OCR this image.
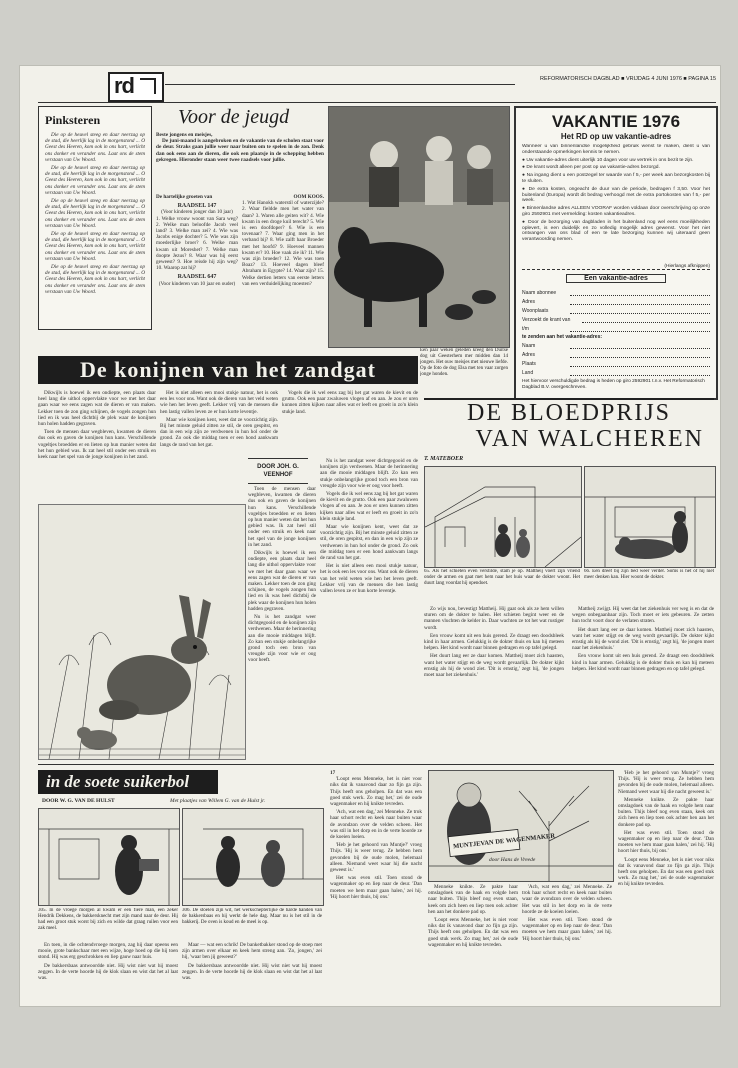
rd	REFORMATORISCH DAGBLAD ■ VRIJDAG 4 JUNI 1976 ■ PAGINA 15
Pinksteren

Die op de heuvel steeg en daar neerzag op de stad, die heerlijk lag in de morgenstond ... O Geest des Heeren, kom ook in ons hart, verlicht ons donker en verander ons. Laat ons de stem verstaan van Uw Woord.

Die op de heuvel steeg en daar neerzag op de stad, die heerlijk lag in de morgenstond ... O Geest des Heeren, kom ook in ons hart, verlicht ons donker en verander ons. Laat ons de stem verstaan van Uw Woord.

Die op de heuvel steeg en daar neerzag op de stad, die heerlijk lag in de morgenstond ... O Geest des Heeren, kom ook in ons hart, verlicht ons donker en verander ons. Laat ons de stem verstaan van Uw Woord.

Die op de heuvel steeg en daar neerzag op de stad, die heerlijk lag in de morgenstond ... O Geest des Heeren, kom ook in ons hart, verlicht ons donker en verander ons. Laat ons de stem verstaan van Uw Woord.

Die op de heuvel steeg en daar neerzag op de stad, die heerlijk lag in de morgenstond ... O Geest des Heeren, kom ook in ons hart, verlicht ons donker en verander ons. Laat ons de stem verstaan van Uw Woord.

Voor de jeugd
Beste jongens en meisjes,

De juni-maand is aangebroken en de vakantie van de scholen staat voor de deur. Straks gaan jullie weer naar buiten om te spelen in de zon. Denk dan ook eens aan de dieren, die ook een plaatsje in de schepping hebben gekregen. Hieronder staan weer twee raadsels voor jullie.

De hartelijke groeten van
RAADSEL 147
(Voor kinderen jonger dan 10 jaar)

1. Welke vrouw woont van Sara weg? 2. Welke man beloofde Jacob veel land? 3. Welke man zei? 4. Wie was Jacobs enige dochter? 5. Wie was zijn moederlijke broer? 6. Welke man kwam uit Moreshet? 7. Welke man doopte Jezus? 8. Waar was hij eerst geweest? 9. Hoe reisde hij zijn weg? 10. Waarop zat hij?

RAADSEL 647
(Voor kinderen van 10 jaar en ouder)
OOM KOOS.

1. Wat Hanokh waterstil of waterzijde? 2. Waar fieldde men het water van daan? 3. Waren alle geiten wit? 4. Wie kwam in een droge kuil terecht? 5. Wie is een doofdoper? 6. Wie is een tovenaar? 7. Waar ging men in het verband bij? 8. Wie zalft haar Broeder met het hoofd? 9. Hoeveel mannen kwam er? 10. Hoe vaak zie ik? 11. Wie was zijn broeder? 12. Wie was toen Boaz? 13. Hoeveel dagen bleef Abraham in Egypte? 14. Waar zijn? 15. Welke dertien letters van eerste letters van een verduidelijking moesten?

Een paar weken geleden kreeg den Duitse dog uit Geesterhem mer midden dan 14 jongen. Het ouw meisjes met nieuwe liefde. Op de foto de dog Elsa met ten vaar zorgen jonge honden.
VAKANTIE 1976
Het RD op uw vakantie-adres

Wanneer u van binnenlandse mogelijkheid gebruik wenst te maken, dient u van onderstaande opmerkingen kennis te nemen.

● Uw vakantie-adres dient uiterlijk 10 dagen voor uw vertrek in ons bezit te zijn.

● De krant wordt alleen per post op uw vakantie-adres bezorgd.

● Na ingang dient u een postzegel ter waarde van f 5,- per week aan bezorgkosten bij te sluiten.

● De extra kosten, ongeacht de duur van de periode, bedragen f 3,50. Voor het buitenland (Europa) wordt dit bedrag verhoogd met de extra portokosten van f 5,- per week.

● Binnenlandse adres ALLEEN VOORAF worden voldaan door overschrijving op onze giro 2592901 met vermelding: kosten vakantieadres.

● Door de bezorging van dagbladen in het buitenland nog wel eens moeilijkheden oplevert, is een duidelijk en zo volledig mogelijk adres gewenst. Voor het niet ontvangen van ons blad of een te late bezorging kunnen wij uiteraard geen verantwoording nemen.

(Hierlangs afknippen)
Een vakantie-adres
Naam abonnee
Adres
Woonplaats
Verzoekt de krant van
t/m
te zenden aan het vakantie-adres:
Naam
Adres
Plaats
Land
Het hiervoor verschuldigde bedrag is heden op giro 2592901 t.n.v. Het Reformatorisch Dagblad B.V. overgeschreven.
De konijnen van het zandgat

Dikwijls is hoewel ik een ondiepte, een plaats daar heel lang die uithol oppervlakte voor we met het daar gaan waar we eens zagen wat de dieren er van maken. Lekker toen de zon ging schijnen, de vogels zongen hun lied en ik was heel dichtbij de plek waar de konijnen hun holen hadden gegraven.

Toen de mensen daar wegbleven, kwamen de dieren dus ook en gaven de konijnen hun kans. Verschillende vogeltjes broedden er en lieten op hun manier weten dat het hun gebied was. Ik zat heel stil onder een struik en keek naar het spel van de jonge konijnen in het zand.

Het is niet alleen een mooi stukje natuur, het is ook een les voor ons. Want ook de dieren van het veld weten wie hen het leven geeft. Lekker vrij van de mensen die hen lastig vallen leven ze er hun korte leventje.

Maar wie konijnen kent, weet dat ze voorzichtig zijn. Bij het minste geluid zitten ze stil, de oren gespitst, en dan in een wip zijn ze verdwenen in hun hol onder de grond. Zo ook die middag toen er een hond aankwam langs de rand van het gat.

Vogels die ik wel eens zag bij het gat waren de kievit en de grutto. Ook een paar zwaluwen vlogen af en aan. Je zou er uren kunnen zitten kijken naar alles wat er leeft en groeit in zo'n klein stukje land.

DOOR JOH. G. VEENHOF

Nu is het zandgat weer dichtgegooid en de konijnen zijn verdwenen. Maar de herinnering aan die mooie middagen blijft. Zo kan een stukje onbelangrijke grond toch een bron van vreugde zijn voor wie er oog voor heeft.

Vogels die ik wel eens zag bij het gat waren de kievit en de grutto. Ook een paar zwaluwen vlogen af en aan. Je zou er uren kunnen zitten kijken naar alles wat er leeft en groeit in zo'n klein stukje land.

Maar wie konijnen kent, weet dat ze voorzichtig zijn. Bij het minste geluid zitten ze stil, de oren gespitst, en dan in een wip zijn ze verdwenen in hun hol onder de grond. Zo ook die middag toen er een hond aankwam langs de rand van het gat.

Het is niet alleen een mooi stukje natuur, het is ook een les voor ons. Want ook de dieren van het veld weten wie hen het leven geeft. Lekker vrij van de mensen die hen lastig vallen leven ze er hun korte leventje.

Toen de mensen daar wegbleven, kwamen de dieren dus ook en gaven de konijnen hun kans. Verschillende vogeltjes broedden er en lieten op hun manier weten dat het hun gebied was. Ik zat heel stil onder een struik en keek naar het spel van de jonge konijnen in het zand.

Dikwijls is hoewel ik een ondiepte, een plaats daar heel lang die uithol oppervlakte voor we met het daar gaan waar we eens zagen wat de dieren er van maken. Lekker toen de zon ging schijnen, de vogels zongen hun lied en ik was heel dichtbij de plek waar de konijnen hun holen hadden gegraven.

Nu is het zandgat weer dichtgegooid en de konijnen zijn verdwenen. Maar de herinnering aan die mooie middagen blijft. Zo kan een stukje onbelangrijke grond toch een bron van vreugde zijn voor wie er oog voor heeft.

DE BLOEDPRIJS
VAN WALCHEREN
T. MATEBOER
65. Als het schieten even verstilde, stam je op. Mattheij voert zijn vriend onder de armen en gaat met hem naar het huis waar de dokter woont. Het duurt lang voordat hij opendoet.
66. Een dreef bij zijn bed weer verder. Soms is het of hij niet meer denken kan. Hier woont de dokter.

Zo wijs nou, bevestigt Mattheij. Hij gaat ook als ze hem willen sturen om de dokter te halen. Het schieten begint weer en de mannen vluchten de kelder in. Daar wachten ze tot het wat rustiger wordt.

Een vrouw komt uit een huis gerend. Ze draagt een doodsbleek kind in haar armen. Gelukkig is de dokter thuis en kan hij meteen helpen. Het kind wordt naar binnen gedragen en op tafel gelegd.

Het duurt lang eer ze daar komen. Mattheij moet zich haasten, want het water stijgt en de weg wordt gevaarlijk. De dokter kijkt ernstig als hij de wond ziet. 'Dit is ernstig,' zegt hij, 'de jongen moet naar het ziekenhuis.'

Mattheij zwijgt. Hij weet dat het ziekenhuis ver weg is en dat de wegen onbegaanbaar zijn. Toch moet er iets gebeuren. Ze zetten hun tocht voort door de verlaten straten.

Het duurt lang eer ze daar komen. Mattheij moet zich haasten, want het water stijgt en de weg wordt gevaarlijk. De dokter kijkt ernstig als hij de wond ziet. 'Dit is ernstig,' zegt hij, 'de jongen moet naar het ziekenhuis.'

Een vrouw komt uit een huis gerend. Ze draagt een doodsbleek kind in haar armen. Gelukkig is de dokter thuis en kan hij meteen helpen. Het kind wordt naar binnen gedragen en op tafel gelegd.

in de soete suikerbol
DOOR W. G. VAN DE HULST	Met plaatjes van Willem G. van de Hulst jr.
305. In de vroege morgen al kwam er een fiere man, een zeker Hendrik Dekkens, de bakkersknecht met zijn mand naar de deur. Hij had een groot stuk worst bij zich en wilde dat graag ruilen voor een zak meel.
306. De stoelen zijn wit, het werkschepterlijke de harde handen van de bakkersbaas en hij werkt de hele dag. Maar nu is het stil in de bakkerij. De oven is koud en de meel is op.

En toen, in die ochtendvroege morgen, zag hij daar opeens een mooie, grote bankschaar met een wijze, hoge hoed op die hij toen stond. Hij was erg geschrokken en liep gauw naar huis.

De bakkersbaas antwoordde niet. Hij wist niet wat hij moest zeggen. In de verte hoorde hij de klok slaan en wist dat het al laat was.

Maar — wat een schrik! De banketbakker stond op de stoep met zijn armen over elkaar en keek hem streng aan. 'Zo, jongen,' zei hij, 'waar ben jij geweest?'

De bakkersbaas antwoordde niet. Hij wist niet wat hij moest zeggen. In de verte hoorde hij de klok slaan en wist dat het al laat was.

17

'Loopt eens Menneke, het is niet voor niks dat ik vanavond daar zo fijn ga zijn. Thijs heeft ons geholpen. En dat was een goed stuk werk. Zo mag het,' zei de oude wagenmaker en hij knikte tevreden.

'Ach, wat een dag,' zei Menneke. Ze trok haar schort recht en keek naar buiten waar de avondzon over de velden scheen. Het was stil in het dorp en in de verte hoorde ze de koeien loeien.

'Heb je het gehoord van Muntje?' vroeg Thijs. 'Hij is weer terug. Ze hebben hem gevonden bij de oude molen, helemaal alleen. Niemand weet waar hij die nacht geweest is.'

Het was even stil. Toen stond de wagenmaker op en liep naar de deur. 'Dan moeten we hem maar gaan halen,' zei hij. 'Hij hoort hier thuis, bij ons.'

MUNTJEVAN DE WAGENMAKER
door Hans de Vreede

Menneke knikte. Ze pakte haar omslagdoek van de haak en volgde hem naar buiten. Thijs bleef nog even staan, keek om zich heen en liep toen ook achter hen aan het donkere pad op.

'Loopt eens Menneke, het is niet voor niks dat ik vanavond daar zo fijn ga zijn. Thijs heeft ons geholpen. En dat was een goed stuk werk. Zo mag het,' zei de oude wagenmaker en hij knikte tevreden.

'Ach, wat een dag,' zei Menneke. Ze trok haar schort recht en keek naar buiten waar de avondzon over de velden scheen. Het was stil in het dorp en in de verte hoorde ze de koeien loeien.

Het was even stil. Toen stond de wagenmaker op en liep naar de deur. 'Dan moeten we hem maar gaan halen,' zei hij. 'Hij hoort hier thuis, bij ons.'

'Heb je het gehoord van Muntje?' vroeg Thijs. 'Hij is weer terug. Ze hebben hem gevonden bij de oude molen, helemaal alleen. Niemand weet waar hij die nacht geweest is.'

Menneke knikte. Ze pakte haar omslagdoek van de haak en volgde hem naar buiten. Thijs bleef nog even staan, keek om zich heen en liep toen ook achter hen aan het donkere pad op.

Het was even stil. Toen stond de wagenmaker op en liep naar de deur. 'Dan moeten we hem maar gaan halen,' zei hij. 'Hij hoort hier thuis, bij ons.'

'Loopt eens Menneke, het is niet voor niks dat ik vanavond daar zo fijn ga zijn. Thijs heeft ons geholpen. En dat was een goed stuk werk. Zo mag het,' zei de oude wagenmaker en hij knikte tevreden.
